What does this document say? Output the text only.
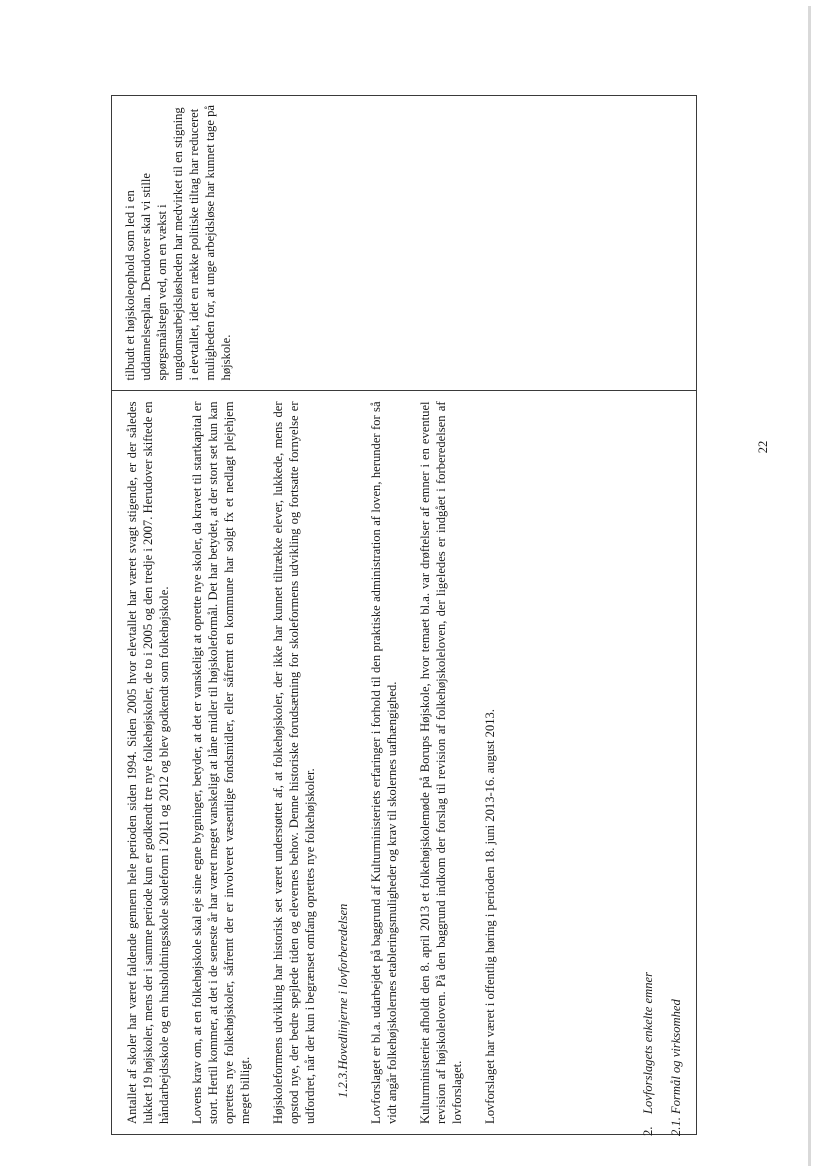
Antallet af skoler har været faldende gennem hele perioden siden 1994. Siden 2005 hvor elevtallet har været svagt stigende, er der således lukket 19 højskoler, mens der i samme periode kun er godkendt tre nye folkehøjskoler, de to i 2005 og den tredje i 2007. Herudover skiftede en håndarbejdsskole og en husholdningsskole skoleform i 2011 og 2012 og blev godkendt som folkehøjskole. Lovens krav om, at en folkehøjskole skal eje sine egne bygninger, betyder, at det er vanskeligt at oprette nye skoler, da kravet til startkapital er stort. Hertil kommer, at det i de seneste år har været meget vanskeligt at låne midler til højskoleformål. Det har betydet, at der stort set kun kan oprettes nye folkehøjskoler, såfremt der er involveret væsentlige fondsmidler, eller såfremt en kommune har solgt fx et nedlagt plejehjem meget billigt. Højskoleformens udvikling har historisk set været understøttet af, at folkehøjskoler, der ikke har kunnet tiltrække elever, lukkede, mens der opstod nye, der bedre spejlede tiden og elevernes behov. Denne historiske forudsætning for skoleformens udvikling og fortsatte fornyelse er udfordret, når der kun i begrænset omfang oprettes nye folkehøjskoler. 1.2.3.Hovedlinjerne i lovforberedelsen Lovforslaget er bl.a. udarbejdet på baggrund af Kulturministeriets erfaringer i forhold til den praktiske administration af loven, herunder for så vidt angår folkehøjskolernes etableringsmuligheder og krav til skolernes uafhængighed. Kulturministeriet afholdt den 8. april 2013 et folkehøjskolemøde på Borups Højskole, hvor temaet bl.a. var drøftelser af emner i en eventuel revision af højskoleloven. På den baggrund indkom der forslag til revision af folkehøjskoleloven, der ligeledes er indgået i forberedelsen af lovforslaget. Lovforslaget har været i offentlig høring i perioden 18. juni 2013-16. august 2013.

2.Lovforslagets enkelte emner 2.1. Formål og virksomhed

tilbudt et højskoleophold som led i en uddannelsesplan. Derudover skal vi stille spørgsmålstegn ved, om en vækst i ungdomsarbejdsløsheden har medvirket til en stigning i elevtallet, idet en række politiske tiltag har reduceret muligheden for, at unge arbejdsløse har kunnet tage på højskole.

22
